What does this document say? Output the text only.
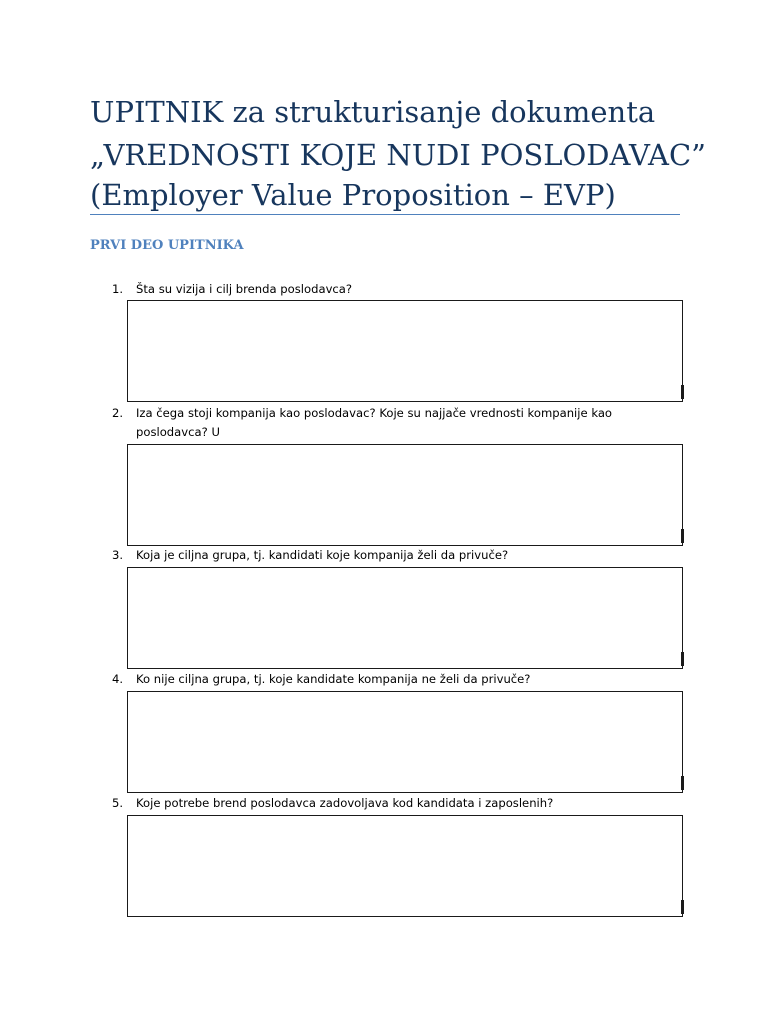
UPITNIK za strukturisanje dokumenta
„VREDNOSTI KOJE NUDI POSLODAVAC”
(Employer Value Proposition – EVP)
PRVI DEO UPITNIKA
1. Šta su vizija i cilj brenda poslodavca?
2. Iza čega stoji kompanija kao poslodavac? Koje su najjače vrednosti kompanije kao poslodavca? U

3. Koja je ciljna grupa, tj. kandidati koje kompanija želi da privuče?
4. Ko nije ciljna grupa, tj. koje kandidate kompanija ne želi da privuče?
5. Koje potrebe brend poslodavca zadovoljava kod kandidata i zaposlenih?
